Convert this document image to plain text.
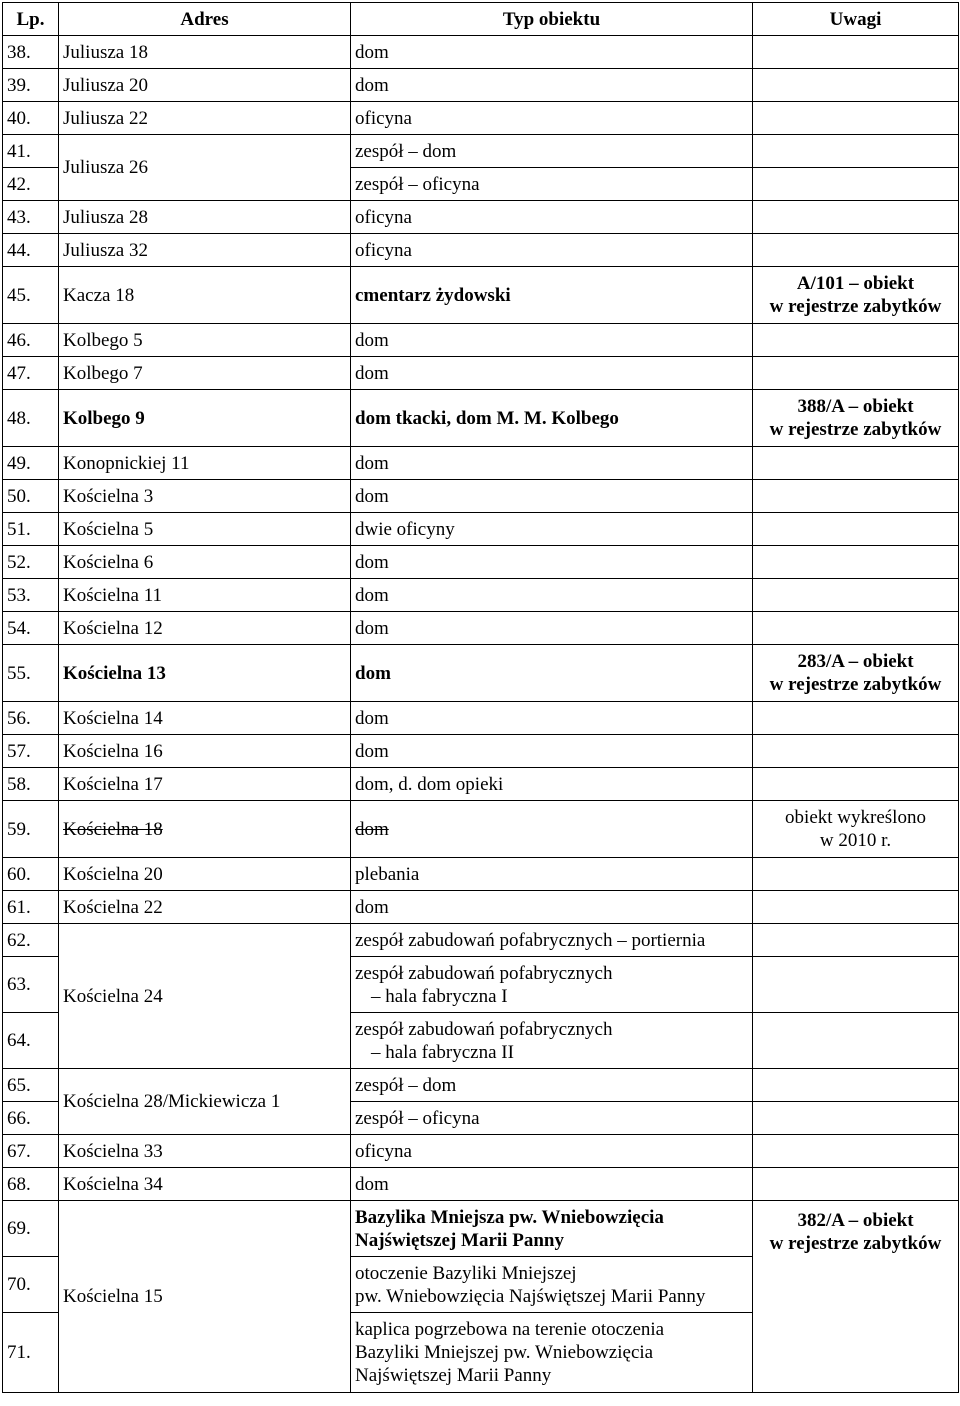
Lp.	Adres	Typ obiektu	Uwagi
38.	Juliusza 18	dom	
39.	Juliusza 20	dom	
40.	Juliusza 22	oficyna	
41.	Juliusza 26	zespół – dom	
42.		zespół – oficyna	
43.	Juliusza 28	oficyna	
44.	Juliusza 32	oficyna	
45.	Kacza 18	cmentarz żydowski	A/101 – obiekt
w rejestrze zabytków
46.	Kolbego 5	dom	
47.	Kolbego 7	dom	
48.	Kolbego 9	dom tkacki, dom M. M. Kolbego	388/A – obiekt
w rejestrze zabytków
49.	Konopnickiej 11	dom	
50.	Kościelna 3	dom	
51.	Kościelna 5	dwie oficyny	
52.	Kościelna 6	dom	
53.	Kościelna 11	dom	
54.	Kościelna 12	dom	
55.	Kościelna 13	dom	283/A – obiekt
w rejestrze zabytków
56.	Kościelna 14	dom	
57.	Kościelna 16	dom	
58.	Kościelna 17	dom, d. dom opieki	
59.	Kościelna 18	dom	obiekt wykreślono
w 2010 r.
60.	Kościelna 20	plebania	
61.	Kościelna 22	dom	
62.	Kościelna 24	zespół zabudowań pofabrycznych – portiernia	
63.		zespół zabudowań pofabrycznych
– hala fabryczna I	
64.		zespół zabudowań pofabrycznych
– hala fabryczna II	
65.	Kościelna 28/Mickiewicza 1	zespół – dom	
66.		zespół – oficyna	
67.	Kościelna 33	oficyna	
68.	Kościelna 34	dom	
69.	Kościelna 15	Bazylika Mniejsza pw. Wniebowzięcia
Najświętszej Marii Panny	382/A – obiekt
w rejestrze zabytków
70.		otoczenie Bazyliki Mniejszej
pw. Wniebowzięcia Najświętszej Marii Panny	
71.		kaplica pogrzebowa na terenie otoczenia
Bazyliki Mniejszej pw. Wniebowzięcia
Najświętszej Marii Panny	
